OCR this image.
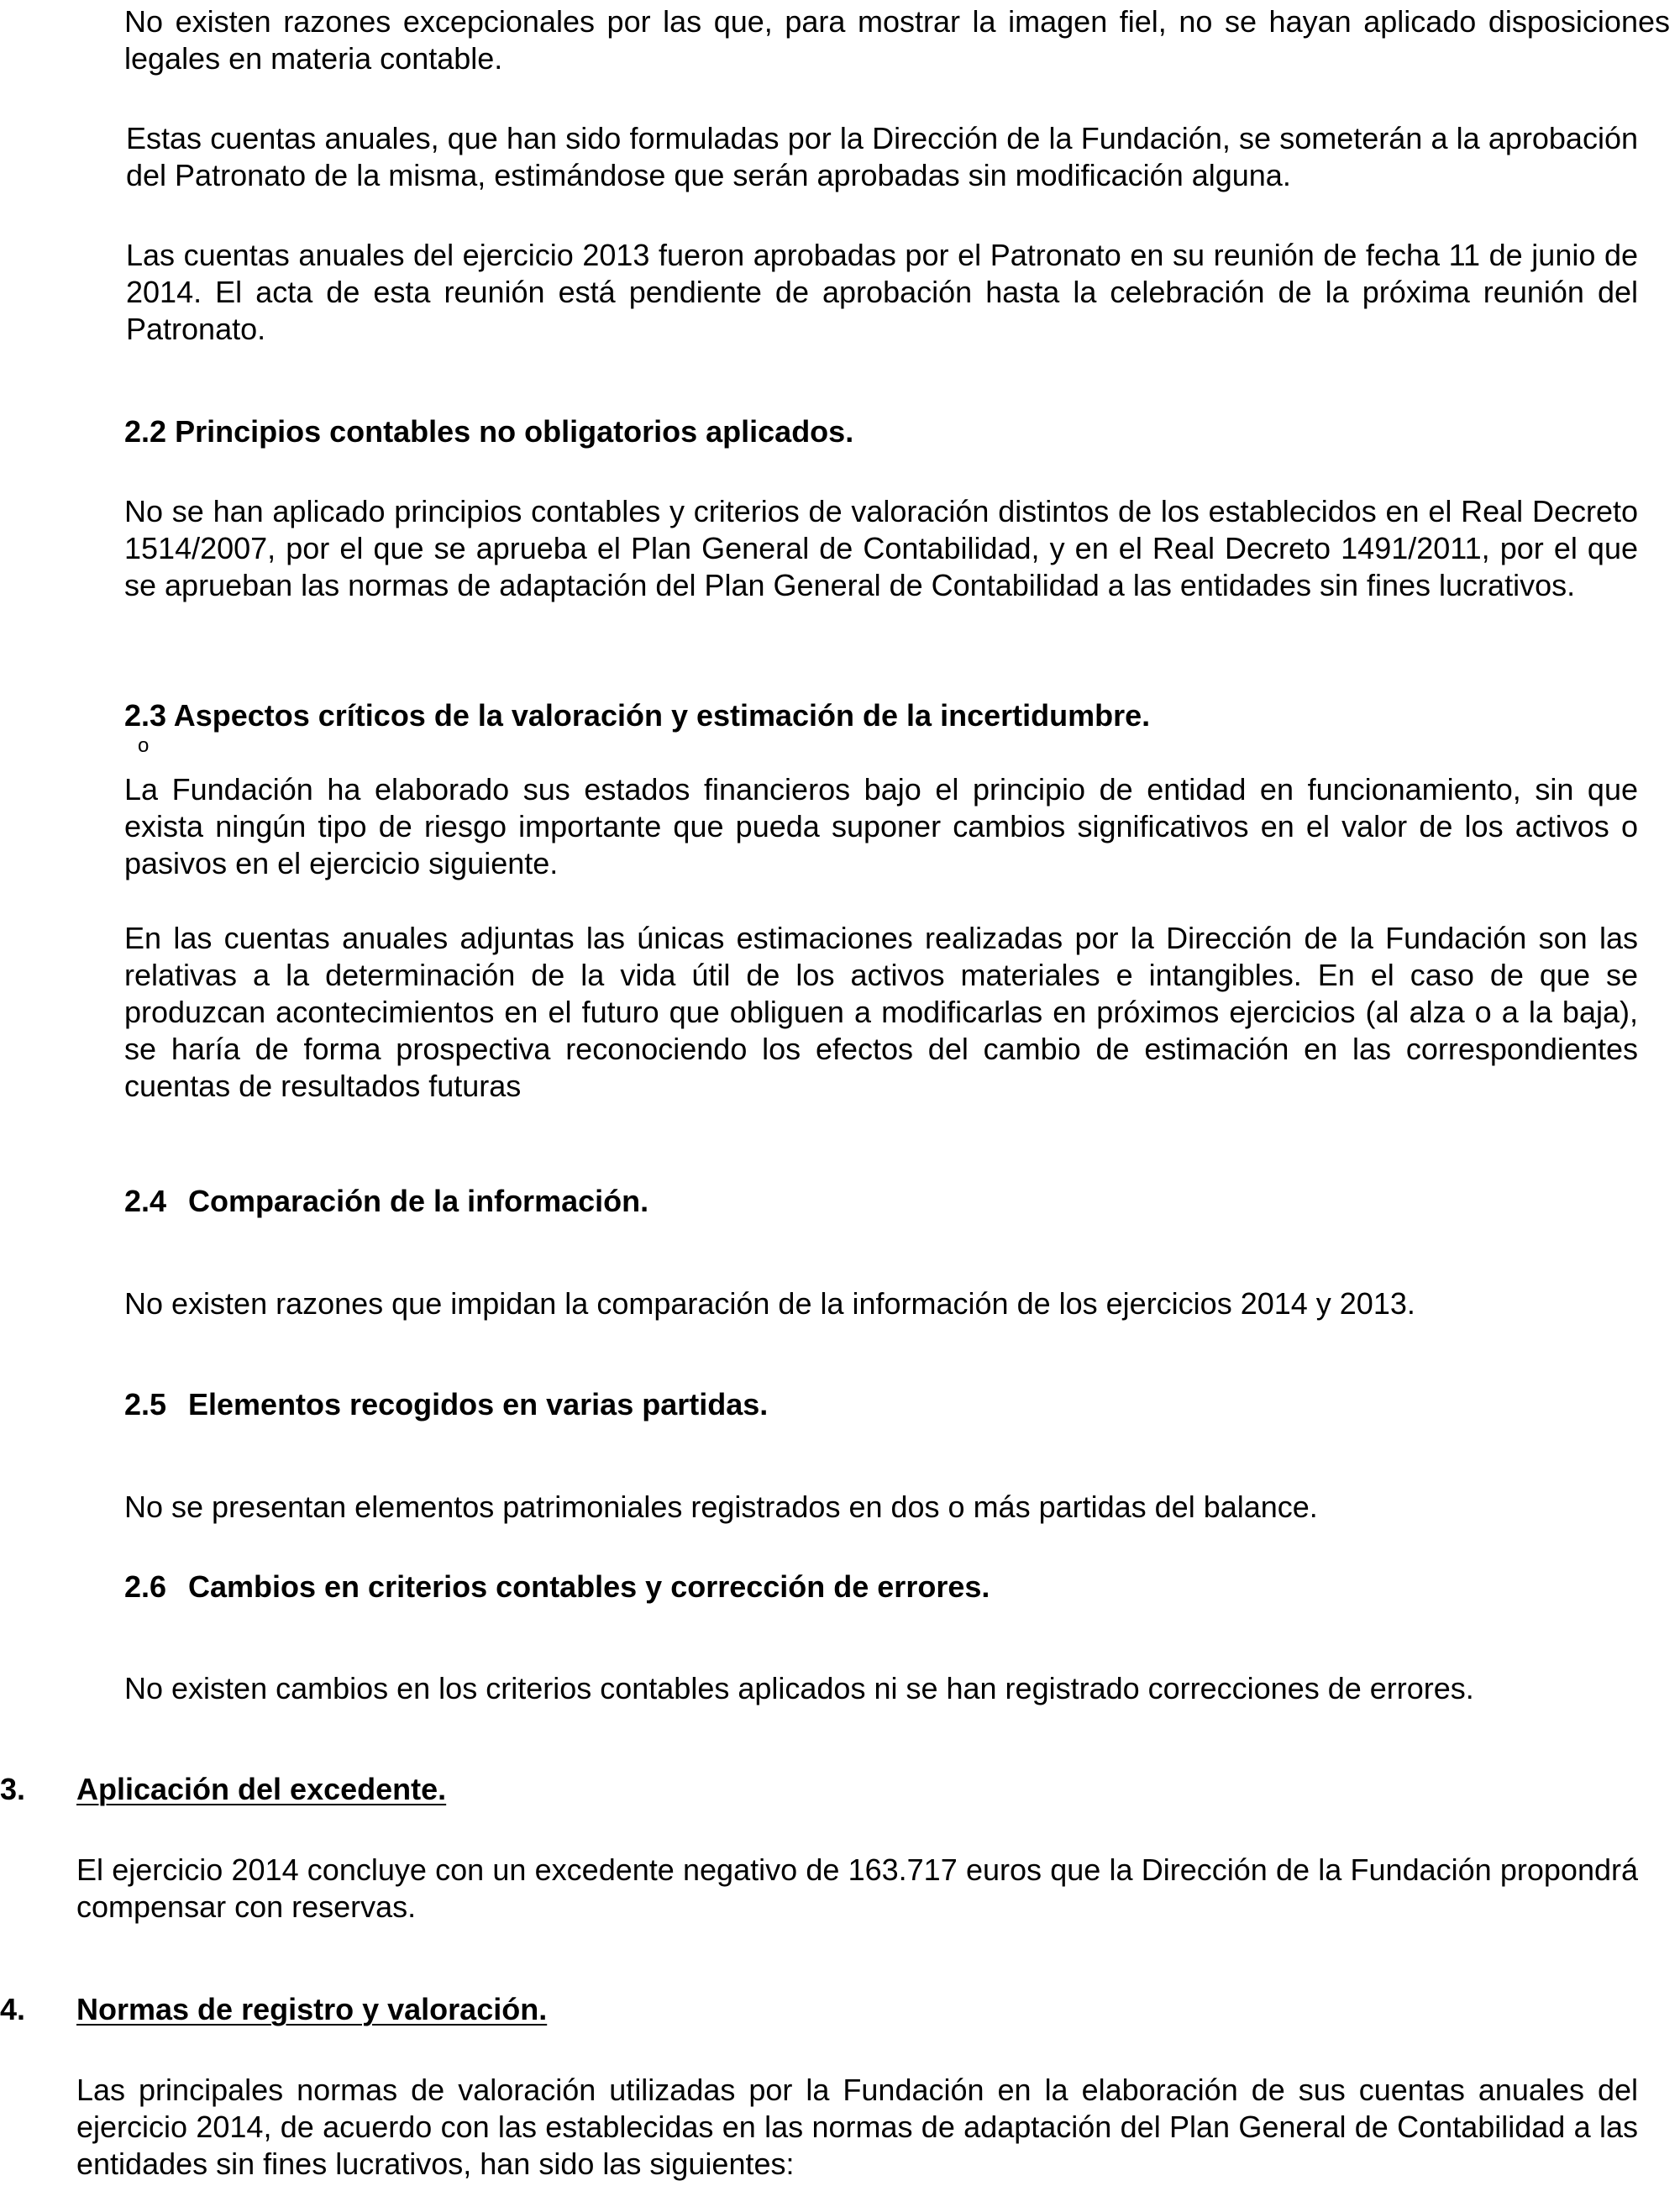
No existen razones excepcionales por las que, para mostrar la imagen fiel, no se hayan aplicado disposiciones legales en materia contable.

Estas cuentas anuales, que han sido formuladas por la Dirección de la Fundación, se someterán a la aprobación del Patronato de la misma, estimándose que serán aprobadas sin modificación alguna.

Las cuentas anuales del ejercicio 2013 fueron aprobadas por el Patronato en su reunión de fecha 11 de junio de 2014. El acta de esta reunión está pendiente de aprobación hasta la celebración de la próxima reunión del Patronato.

2.2 Principios contables no obligatorios aplicados.

No se han aplicado principios contables y criterios de valoración distintos de los establecidos en el Real Decreto 1514/2007, por el que se aprueba el Plan General de Contabilidad, y en el Real Decreto 1491/2011, por el que se aprueban las normas de adaptación del Plan General de Contabilidad a las entidades sin fines lucrativos.

2.3 Aspectos críticos de la valoración y estimación de la incertidumbre.

o

La Fundación ha elaborado sus estados financieros bajo el principio de entidad en funcionamiento, sin que exista ningún tipo de riesgo importante que pueda suponer cambios significativos en el valor de los activos o pasivos en el ejercicio siguiente.

En las cuentas anuales adjuntas las únicas estimaciones realizadas por la Dirección de la Fundación son las relativas a la determinación de la vida útil de los activos materiales e intangibles. En el caso de que se produzcan acontecimientos en el futuro que obliguen a modificarlas en próximos ejercicios (al alza o a la baja), se haría de forma prospectiva reconociendo los efectos del cambio de estimación en las correspondientes cuentas de resultados futuras

2.4 Comparación de la información.

No existen razones que impidan la comparación de la información de los ejercicios 2014 y 2013.

2.5 Elementos recogidos en varias partidas.

No se presentan elementos patrimoniales registrados en dos o más partidas del balance.

2.6 Cambios en criterios contables y corrección de errores.

No existen cambios en los criterios contables aplicados ni se han registrado correcciones de errores.

3. Aplicación del excedente.

El ejercicio 2014 concluye con un excedente negativo de 163.717 euros que la Dirección de la Fundación propondrá compensar con reservas.

4. Normas de registro y valoración.

Las principales normas de valoración utilizadas por la Fundación en la elaboración de sus cuentas anuales del ejercicio 2014, de acuerdo con las establecidas en las normas de adaptación del Plan General de Contabilidad a las entidades sin fines lucrativos, han sido las siguientes:
